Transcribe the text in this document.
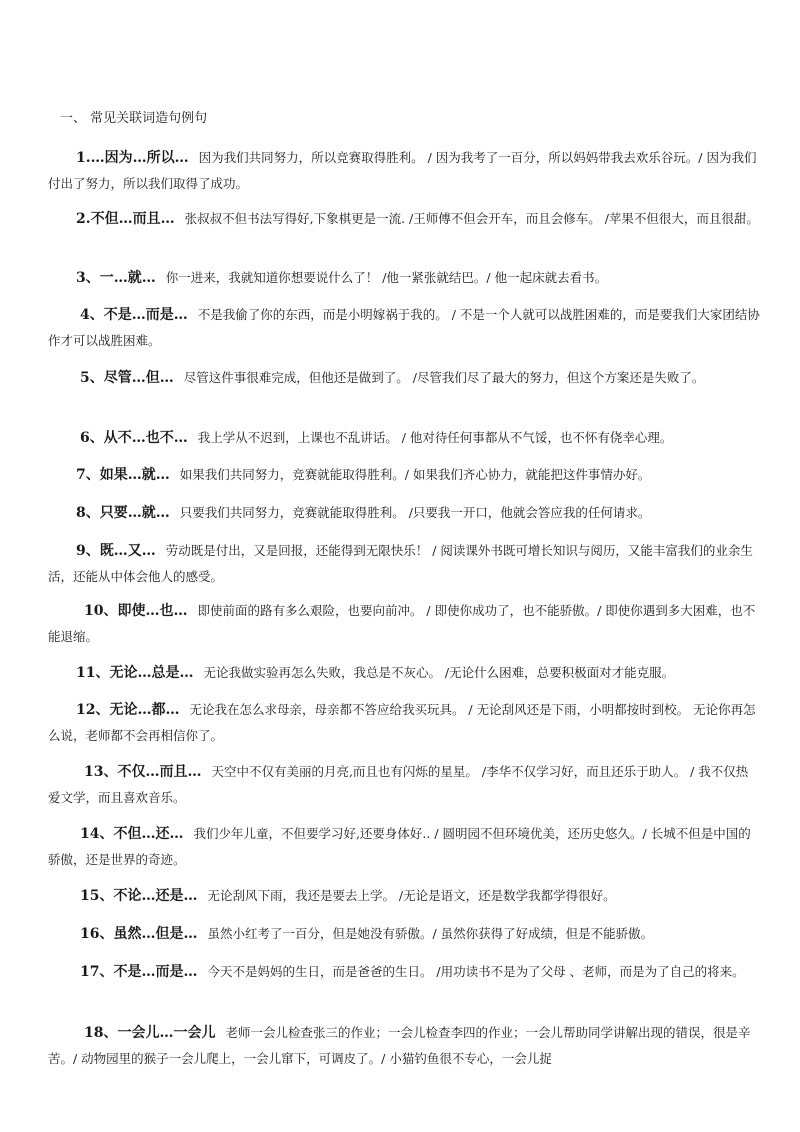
一、 常见关联词造句例句
1.…因为…所以… 因为我们共同努力，所以竞赛取得胜利。 / 因为我考了一百分，所以妈妈带我去欢乐谷玩。/ 因为我们付出了努力，所以我们取得了成功。
2.不但…而且… 张叔叔不但书法写得好,下象棋更是一流. /王师傅不但会开车，而且会修车。 /苹果不但很大，而且很甜。
3、一…就… 你一进来，我就知道你想要说什么了！ /他一紧张就结巴。/ 他一起床就去看书。
4、不是…而是… 不是我偷了你的东西，而是小明嫁祸于我的。 / 不是一个人就可以战胜困难的，而是要我们大家团结协作才可以战胜困难。
5、尽管…但… 尽管这件事很难完成，但他还是做到了。 /尽管我们尽了最大的努力，但这个方案还是失败了。
6、从不…也不… 我上学从不迟到，上课也不乱讲话。 / 他对待任何事都从不气馁，也不怀有侥幸心理。
7、如果…就… 如果我们共同努力，竞赛就能取得胜利。/ 如果我们齐心协力，就能把这件事情办好。
8、只要…就… 只要我们共同努力，竞赛就能取得胜利。 /只要我一开口，他就会答应我的任何请求。
9、既…又… 劳动既是付出，又是回报，还能得到无限快乐！ / 阅读课外书既可增长知识与阅历，又能丰富我们的业余生活，还能从中体会他人的感受。
10、即使…也… 即使前面的路有多么艰险，也要向前冲。 / 即使你成功了，也不能骄傲。/ 即使你遇到多大困难，也不能退缩。
11、无论…总是… 无论我做实验再怎么失败，我总是不灰心。 /无论什么困难，总要积极面对才能克服。
12、无论…都… 无论我在怎么求母亲，母亲都不答应给我买玩具。 / 无论刮风还是下雨，小明都按时到校。 无论你再怎么说，老师都不会再相信你了。
13、不仅…而且… 天空中不仅有美丽的月亮,而且也有闪烁的星星。 /李华不仅学习好，而且还乐于助人。 / 我不仅热爱文学，而且喜欢音乐。
14、不但…还… 我们少年儿童，不但要学习好,还要身体好.. / 圆明园不但环境优美，还历史悠久。/ 长城不但是中国的骄傲，还是世界的奇迹。
15、不论…还是… 无论刮风下雨，我还是要去上学。 /无论是语文，还是数学我都学得很好。
16、虽然…但是… 虽然小红考了一百分，但是她没有骄傲。/ 虽然你获得了好成绩，但是不能骄傲。
17、不是…而是… 今天不是妈妈的生日，而是爸爸的生日。 /用功读书不是为了父母 、老师，而是为了自己的将来。
18、一会儿…一会儿 老师一会儿检查张三的作业；一会儿检查李四的作业；一会儿帮助同学讲解出现的错误，很是辛苦。/ 动物园里的猴子一会儿爬上，一会儿窜下，可调皮了。/ 小猫钓鱼很不专心，一会儿捉
